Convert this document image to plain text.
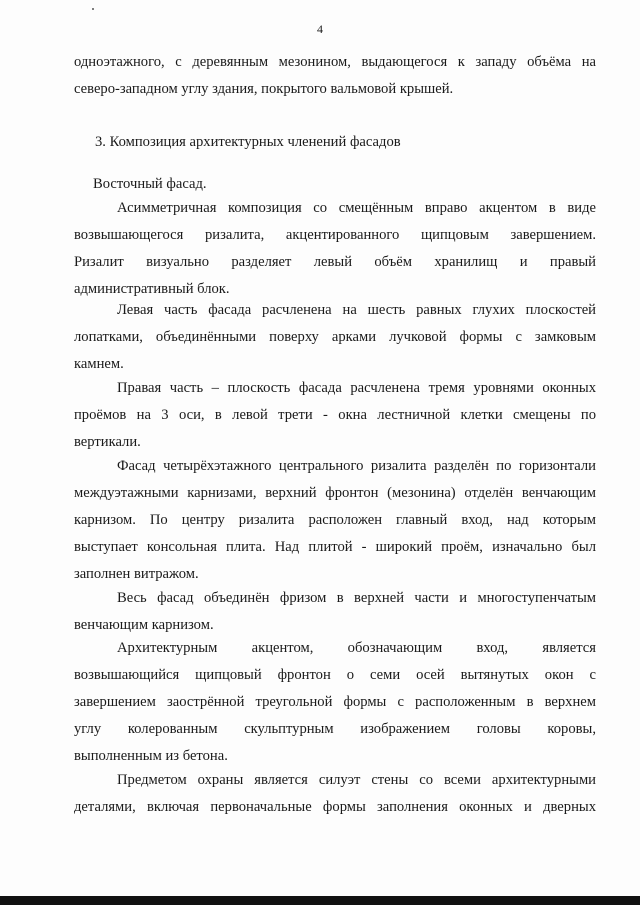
4
одноэтажного, с деревянным мезонином, выдающегося к западу объёма на
северо-западном углу здания, покрытого вальмовой крышей.
3. Композиция архитектурных членений фасадов
Восточный фасад.
Асимметричная композиция со смещённым вправо акцентом в виде
возвышающегося ризалита, акцентированного щипцовым завершением.
Ризалит визуально разделяет левый объём хранилищ и правый
административный блок.
Левая часть фасада расчленена на шесть равных глухих плоскостей
лопатками, объединёнными поверху арками лучковой формы с замковым
камнем.
Правая часть – плоскость фасада расчленена тремя уровнями оконных
проёмов на 3 оси, в левой трети - окна лестничной клетки смещены по
вертикали.
Фасад четырёхэтажного центрального ризалита разделён по горизонтали
междуэтажными карнизами, верхний фронтон (мезонина) отделён венчающим
карнизом. По центру ризалита расположен главный вход, над которым
выступает консольная плита. Над плитой - широкий проём, изначально был
заполнен витражом.
Весь фасад объединён фризом в верхней части и многоступенчатым
венчающим карнизом.
Архитектурным акцентом, обозначающим вход, является
возвышающийся щипцовый фронтон о семи осей вытянутых окон с
завершением заострённой треугольной формы с расположенным в верхнем
углу колерованным скульптурным изображением головы коровы,
выполненным из бетона.
Предметом охраны является силуэт стены со всеми архитектурными
деталями, включая первоначальные формы заполнения оконных и дверных
